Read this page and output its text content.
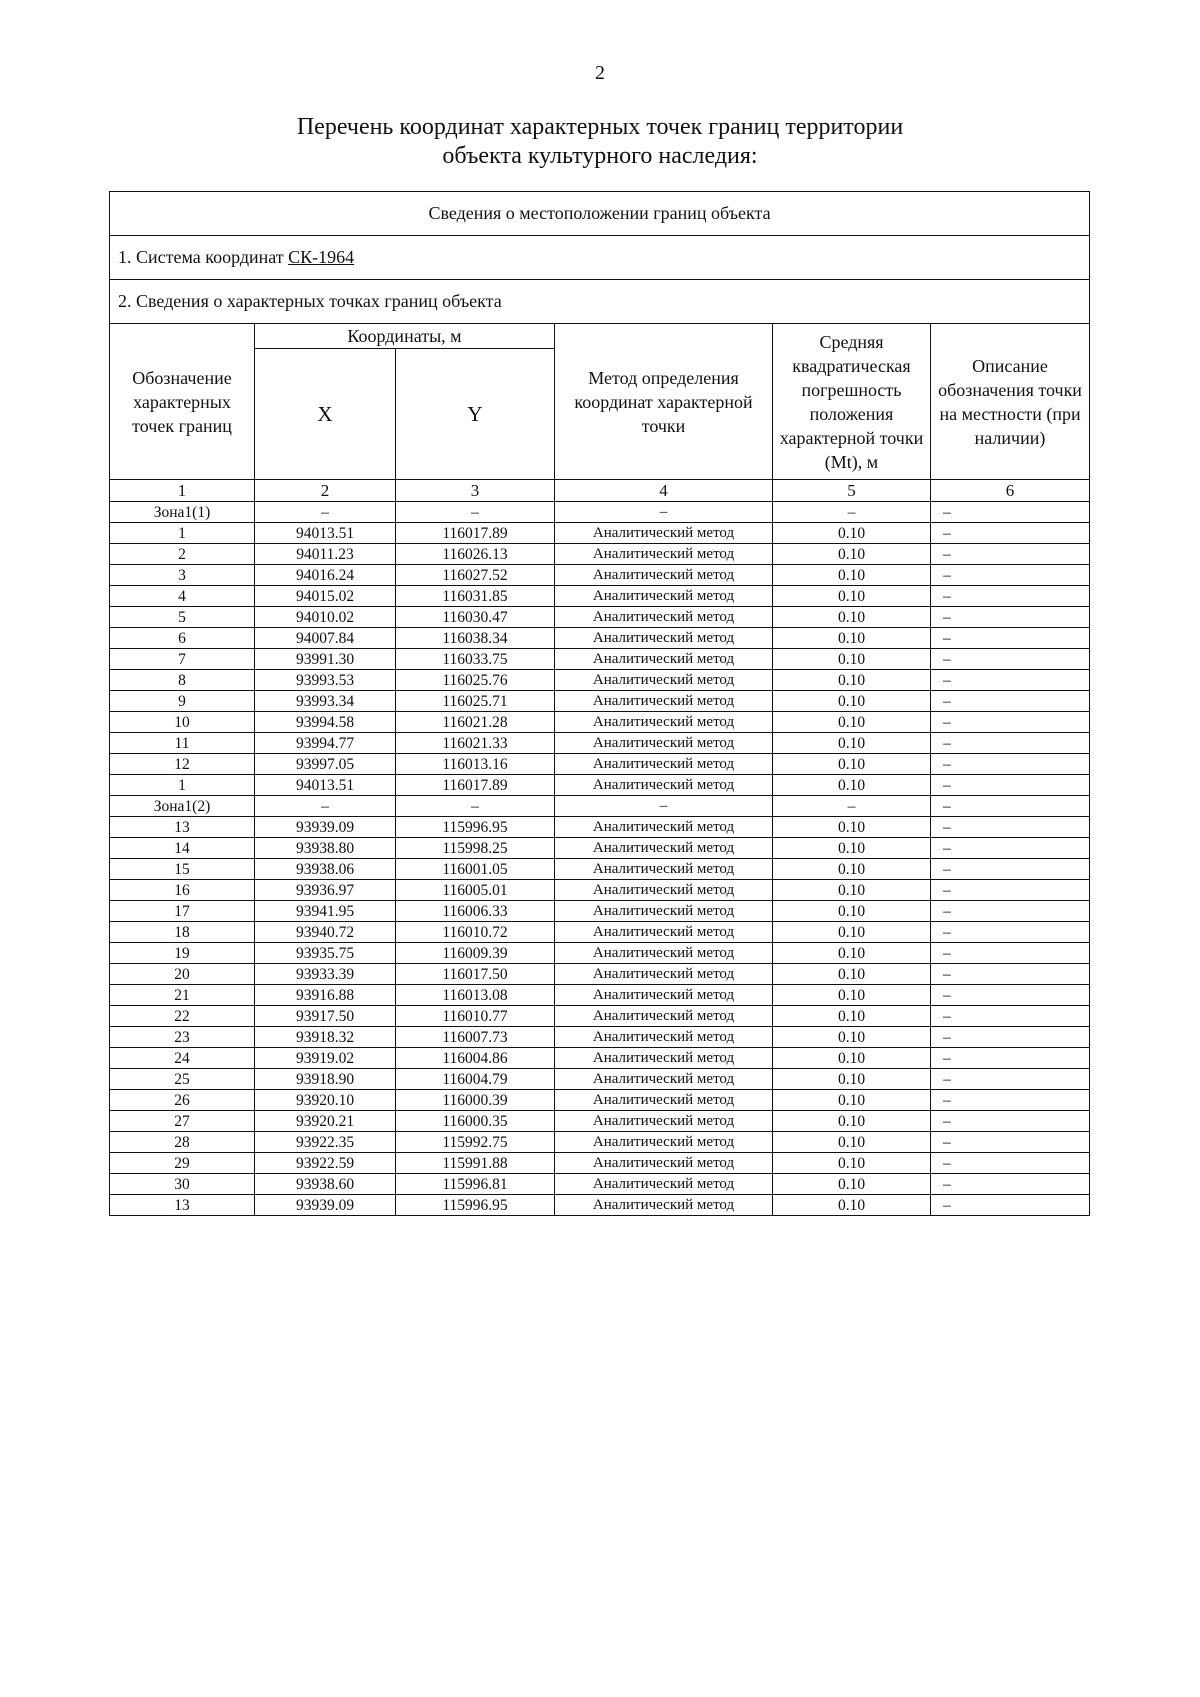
2
Перечень координат характерных точек границ территории
объекта культурного наследия:
Сведения о местоположении границ объекта					
1. Система координат СК-1964					
2. Сведения о характерных точках границ объекта					
Обозначение характерных точек границ	Координаты, м		Метод определения координат характерной точки	Средняя квадратическая погрешность положения характерной точки (Mt), м	Описание обозначения точки на местности (при наличии)
	X	Y			
1	2	3	4	5	6
Зона1(1)	–	–	–	–	–
1	94013.51	116017.89	Аналитический метод	0.10	–
2	94011.23	116026.13	Аналитический метод	0.10	–
3	94016.24	116027.52	Аналитический метод	0.10	–
4	94015.02	116031.85	Аналитический метод	0.10	–
5	94010.02	116030.47	Аналитический метод	0.10	–
6	94007.84	116038.34	Аналитический метод	0.10	–
7	93991.30	116033.75	Аналитический метод	0.10	–
8	93993.53	116025.76	Аналитический метод	0.10	–
9	93993.34	116025.71	Аналитический метод	0.10	–
10	93994.58	116021.28	Аналитический метод	0.10	–
11	93994.77	116021.33	Аналитический метод	0.10	–
12	93997.05	116013.16	Аналитический метод	0.10	–
1	94013.51	116017.89	Аналитический метод	0.10	–
Зона1(2)	–	–	–	–	–
13	93939.09	115996.95	Аналитический метод	0.10	–
14	93938.80	115998.25	Аналитический метод	0.10	–
15	93938.06	116001.05	Аналитический метод	0.10	–
16	93936.97	116005.01	Аналитический метод	0.10	–
17	93941.95	116006.33	Аналитический метод	0.10	–
18	93940.72	116010.72	Аналитический метод	0.10	–
19	93935.75	116009.39	Аналитический метод	0.10	–
20	93933.39	116017.50	Аналитический метод	0.10	–
21	93916.88	116013.08	Аналитический метод	0.10	–
22	93917.50	116010.77	Аналитический метод	0.10	–
23	93918.32	116007.73	Аналитический метод	0.10	–
24	93919.02	116004.86	Аналитический метод	0.10	–
25	93918.90	116004.79	Аналитический метод	0.10	–
26	93920.10	116000.39	Аналитический метод	0.10	–
27	93920.21	116000.35	Аналитический метод	0.10	–
28	93922.35	115992.75	Аналитический метод	0.10	–
29	93922.59	115991.88	Аналитический метод	0.10	–
30	93938.60	115996.81	Аналитический метод	0.10	–
13	93939.09	115996.95	Аналитический метод	0.10	–
